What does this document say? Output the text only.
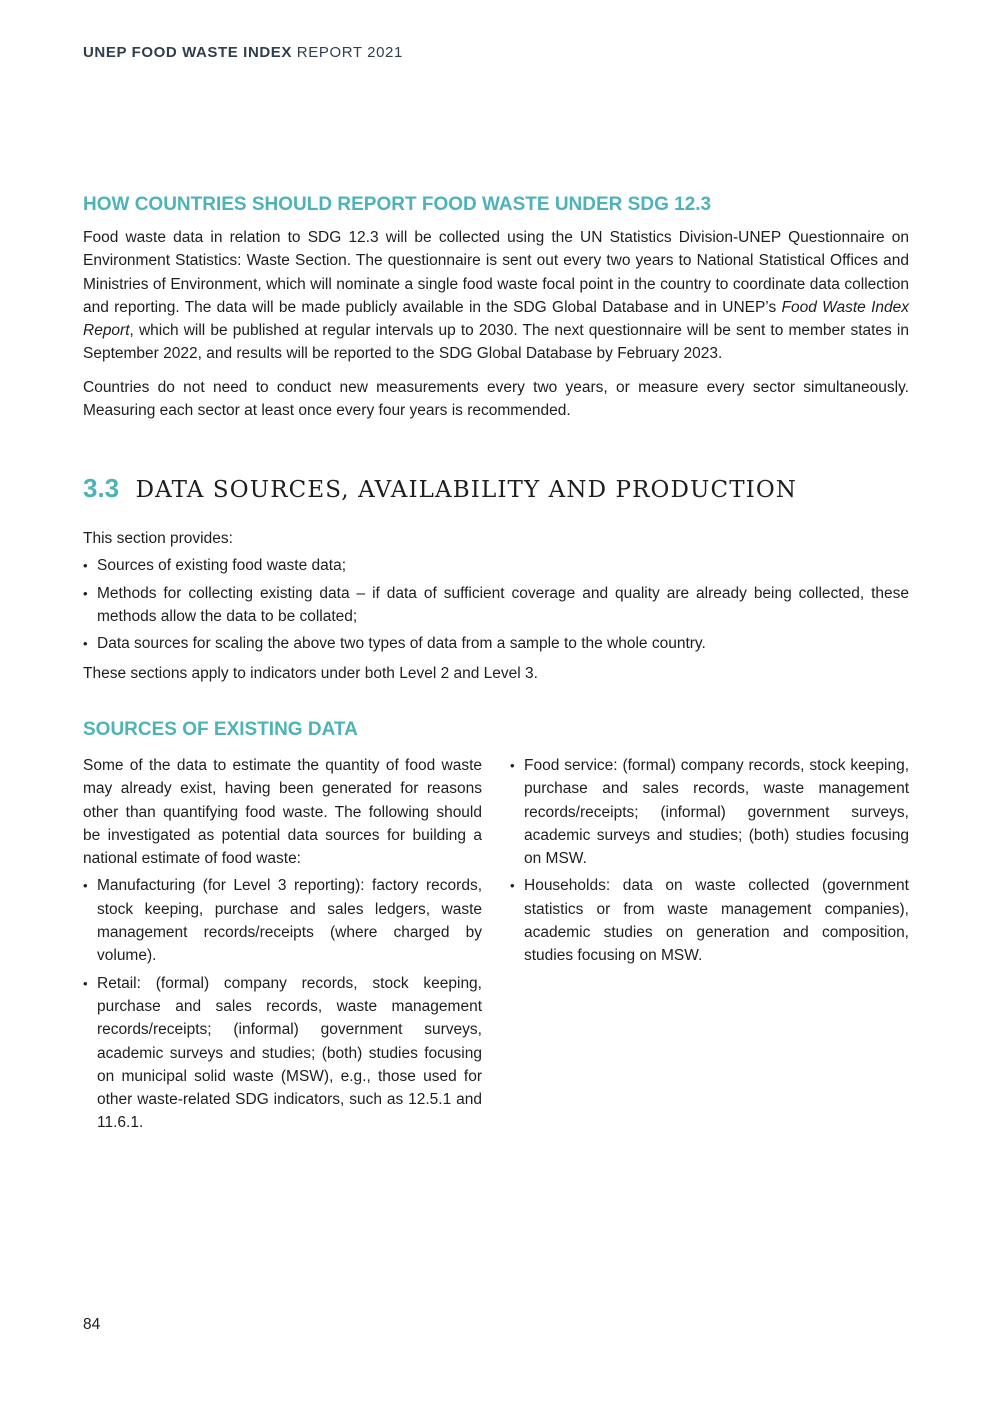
UNEP FOOD WASTE INDEX REPORT 2021
HOW COUNTRIES SHOULD REPORT FOOD WASTE UNDER SDG 12.3

Food waste data in relation to SDG 12.3 will be collected using the UN Statistics Division-UNEP Questionnaire on Environment Statistics: Waste Section. The questionnaire is sent out every two years to National Statistical Offices and Ministries of Environment, which will nominate a single food waste focal point in the country to coordinate data collection and reporting. The data will be made publicly available in the SDG Global Database and in UNEP’s Food Waste Index Report, which will be published at regular intervals up to 2030. The next questionnaire will be sent to member states in September 2022, and results will be reported to the SDG Global Database by February 2023.

Countries do not need to conduct new measurements every two years, or measure every sector simultaneously. Measuring each sector at least once every four years is recommended.

3.3 DATA SOURCES, AVAILABILITY AND PRODUCTION

This section provides:

• Sources of existing food waste data;
• Methods for collecting existing data – if data of sufficient coverage and quality are already being collected, these methods allow the data to be collated;
• Data sources for scaling the above two types of data from a sample to the whole country.

These sections apply to indicators under both Level 2 and Level 3.

SOURCES OF EXISTING DATA

Some of the data to estimate the quantity of food waste may already exist, having been generated for reasons other than quantifying food waste. The following should be investigated as potential data sources for building a national estimate of food waste:

• Manufacturing (for Level 3 reporting): factory records, stock keeping, purchase and sales ledgers, waste management records/receipts (where charged by volume).
• Retail: (formal) company records, stock keeping, purchase and sales records, waste management records/receipts; (informal) government surveys, academic surveys and studies; (both) studies focusing on municipal solid waste (MSW), e.g., those used for other waste-related SDG indicators, such as 12.5.1 and 11.6.1.
• Food service: (formal) company records, stock keeping, purchase and sales records, waste management records/receipts; (informal) government surveys, academic surveys and studies; (both) studies focusing on MSW.
• Households: data on waste collected (government statistics or from waste management companies), academic studies on generation and composition, studies focusing on MSW.
84
